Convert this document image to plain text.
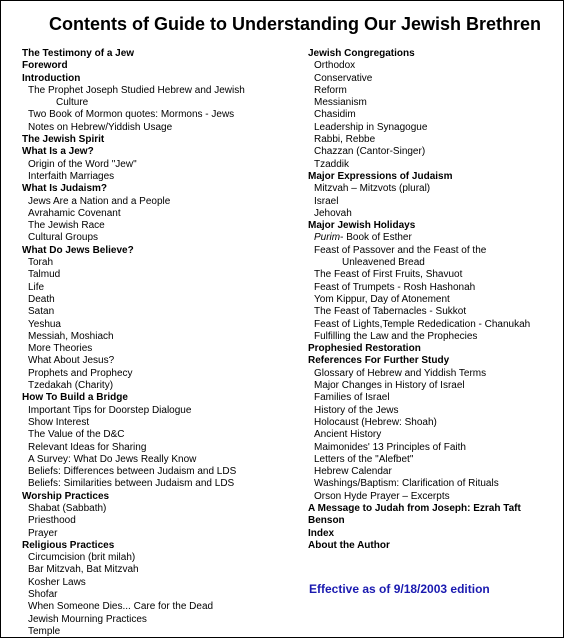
Contents of Guide to Understanding Our Jewish Brethren
The Testimony of a Jew
Foreword
Introduction
The Prophet Joseph Studied Hebrew and Jewish
Culture
Two Book of Mormon quotes: Mormons - Jews
Notes on Hebrew/Yiddish Usage
The Jewish Spirit
What Is a Jew?
Origin of the Word "Jew"
Interfaith Marriages
What Is Judaism?
Jews Are a Nation and a People
Avrahamic Covenant
The Jewish Race
Cultural Groups
What Do Jews Believe?
Torah
Talmud
Life
Death
Satan
Yeshua
Messiah, Moshiach
More Theories
What About Jesus?
Prophets and Prophecy
Tzedakah (Charity)
How To Build a Bridge
Important Tips for Doorstep Dialogue
Show Interest
The Value of the D&C
Relevant Ideas for Sharing
A Survey: What Do Jews Really Know
Beliefs: Differences between Judaism and LDS
Beliefs: Similarities between Judaism and LDS
Worship Practices
Shabat (Sabbath)
Priesthood
Prayer
Religious Practices
Circumcision (brit milah)
Bar Mitzvah, Bat Mitzvah
Kosher Laws
Shofar
When Someone Dies... Care for the Dead
Jewish Mourning Practices
Temple
Jewish Congregations
Orthodox
Conservative
Reform
Messianism
Chasidim
Leadership in Synagogue
Rabbi, Rebbe
Chazzan (Cantor-Singer)
Tzaddik
Major Expressions of Judaism
Mitzvah – Mitzvots (plural)
Israel
Jehovah
Major Jewish Holidays
Purim- Book of Esther
Feast of Passover and the Feast of the
Unleavened Bread
The Feast of First Fruits, Shavuot
Feast of Trumpets - Rosh Hashonah
Yom Kippur, Day of Atonement
The Feast of Tabernacles - Sukkot
Feast of Lights,Temple Rededication - Chanukah
Fulfilling the Law and the Prophecies
Prophesied Restoration
References For Further Study
Glossary of Hebrew and Yiddish Terms
Major Changes in History of Israel
Families of Israel
History of the Jews
Holocaust (Hebrew: Shoah)
Ancient History
Maimonides' 13 Principles of Faith
Letters of the "Alefbet"
Hebrew Calendar
Washings/Baptism: Clarification of Rituals
Orson Hyde Prayer – Excerpts
A Message to Judah from Joseph: Ezrah Taft
Benson
Index
About the Author
Effective as of 9/18/2003 edition
